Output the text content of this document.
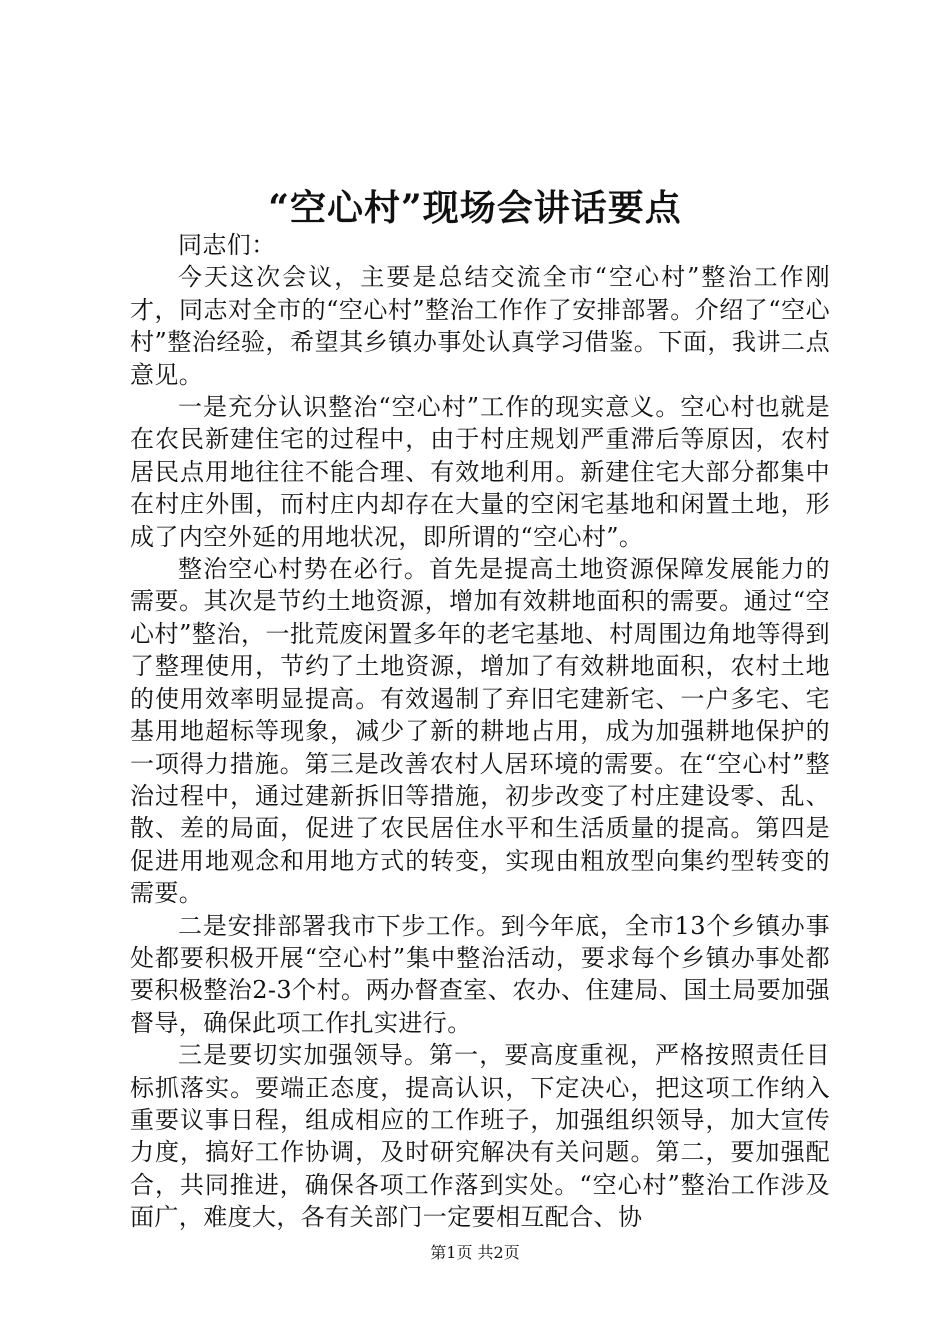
“空心村”现场会讲话要点

同志们：

今天这次会议，主要是总结交流全市“空心村”整治工作刚才，同志对全市的“空心村”整治工作作了安排部署。介绍了“空心村”整治经验，希望其乡镇办事处认真学习借鉴。下面，我讲二点意见。

一是充分认识整治“空心村”工作的现实意义。空心村也就是在农民新建住宅的过程中，由于村庄规划严重滞后等原因，农村居民点用地往往不能合理、有效地利用。新建住宅大部分都集中在村庄外围，而村庄内却存在大量的空闲宅基地和闲置土地，形成了内空外延的用地状况，即所谓的“空心村”。

整治空心村势在必行。首先是提高土地资源保障发展能力的需要。其次是节约土地资源，增加有效耕地面积的需要。通过“空心村”整治，一批荒废闲置多年的老宅基地、村周围边角地等得到了整理使用，节约了土地资源，增加了有效耕地面积，农村土地的使用效率明显提高。有效遏制了弃旧宅建新宅、一户多宅、宅基用地超标等现象，减少了新的耕地占用，成为加强耕地保护的一项得力措施。第三是改善农村人居环境的需要。在“空心村”整治过程中，通过建新拆旧等措施，初步改变了村庄建设零、乱、散、差的局面，促进了农民居住水平和生活质量的提高。第四是促进用地观念和用地方式的转变，实现由粗放型向集约型转变的需要。

二是安排部署我市下步工作。到今年底，全市13个乡镇办事处都要积极开展“空心村”集中整治活动，要求每个乡镇办事处都要积极整治2-3个村。两办督查室、农办、住建局、国土局要加强督导，确保此项工作扎实进行。

三是要切实加强领导。第一，要高度重视，严格按照责任目标抓落实。要端正态度，提高认识，下定决心，把这项工作纳入重要议事日程，组成相应的工作班子，加强组织领导，加大宣传力度，搞好工作协调，及时研究解决有关问题。第二，要加强配合，共同推进，确保各项工作落到实处。“空心村”整治工作涉及面广，难度大，各有关部门一定要相互配合、协

第1页 共2页
